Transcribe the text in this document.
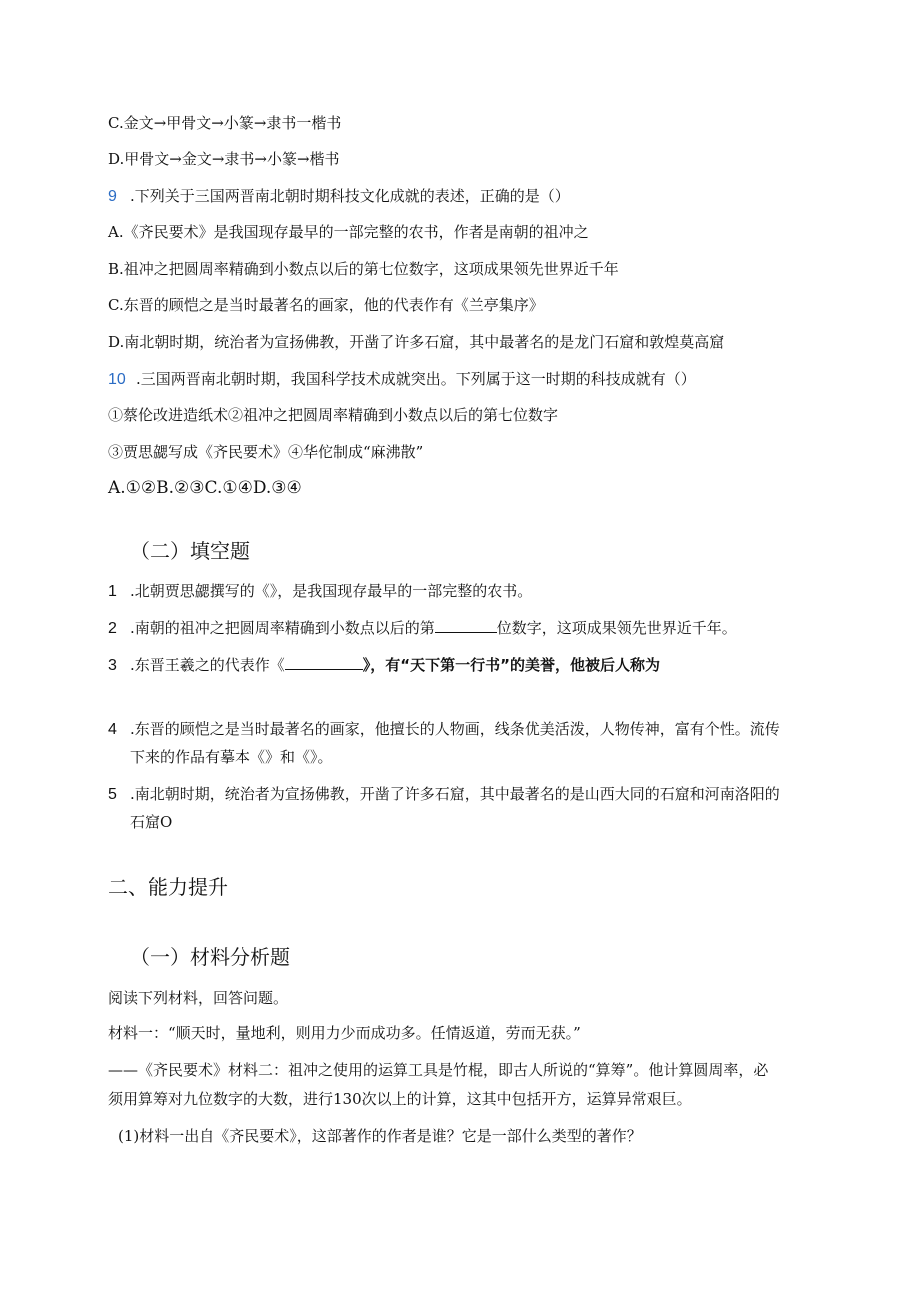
C.金文→甲骨文→小篆→隶书一楷书
D.甲骨文→金文→隶书→小篆→楷书
9 .下列关于三国两晋南北朝时期科技文化成就的表述，正确的是（）
A.《齐民要术》是我国现存最早的一部完整的农书，作者是南朝的祖冲之
B.祖冲之把圆周率精确到小数点以后的第七位数字，这项成果领先世界近千年
C.东晋的顾恺之是当时最著名的画家，他的代表作有《兰亭集序》
D.南北朝时期，统治者为宣扬佛教，开凿了许多石窟，其中最著名的是龙门石窟和敦煌莫高窟
10 .三国两晋南北朝时期，我国科学技术成就突出。下列属于这一时期的科技成就有（）
①蔡伦改进造纸术②祖冲之把圆周率精确到小数点以后的第七位数字
③贾思勰写成《齐民要术》④华佗制成“麻沸散”
A.①②B.②③C.①④D.③④
（二）填空题
1 .北朝贾思勰撰写的《》，是我国现存最早的一部完整的农书。
2 .南朝的祖冲之把圆周率精确到小数点以后的第	位数字，这项成果领先世界近千年。
3 .东晋王羲之的代表作《	》，有“天下第一行书”的美誉，他被后人称为
4 .东晋的顾恺之是当时最著名的画家，他擅长的人物画，线条优美活泼，人物传神，富有个性。流传
下来的作品有摹本《》和《》。
5 .南北朝时期，统治者为宣扬佛教，开凿了许多石窟，其中最著名的是山西大同的石窟和河南洛阳的
石窟O
二、能力提升
（一）材料分析题
阅读下列材料，回答问题。
材料一：“顺天时，量地利，则用力少而成功多。任情返道，劳而无获。”
——《齐民要术》材料二：祖冲之使用的运算工具是竹棍，即古人所说的“算筹”。他计算圆周率，必
须用算筹对九位数字的大数，进行130次以上的计算，这其中包括开方，运算异常艰巨。
(1)材料一出自《齐民要术》，这部著作的作者是谁？它是一部什么类型的著作？
